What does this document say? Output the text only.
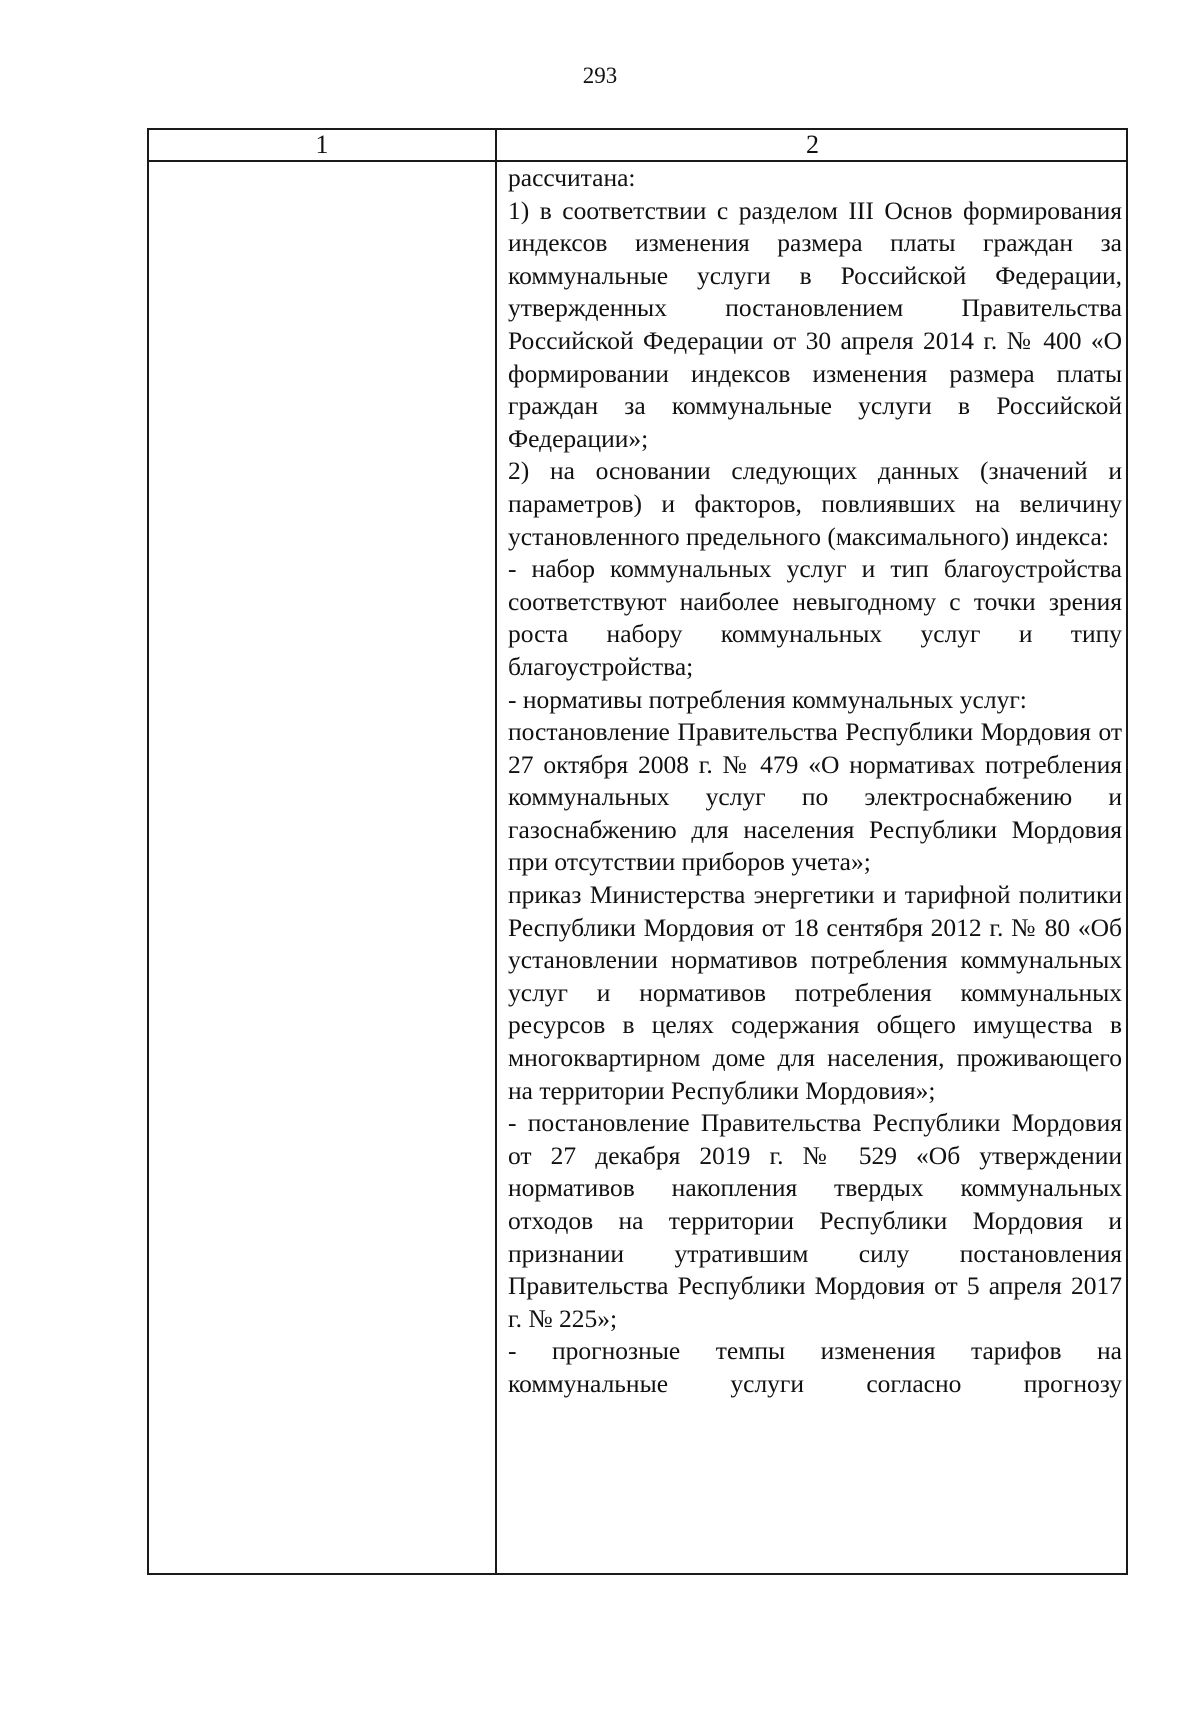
293
1	2

рассчитана:

1) в соответствии с разделом III Основ формирования индексов изменения размера платы граждан за коммунальные услуги в Российской Федерации, утвержденных постановлением Правительства Российской Федерации от 30 апреля 2014 г. № 400 «О формировании индексов изменения размера платы граждан за коммунальные услуги в Российской Федерации»;

2) на основании следующих данных (значений и параметров) и факторов, повлиявших на величину установленного предельного (максимального) индекса:

- набор коммунальных услуг и тип благоустройства соответствуют наиболее невыгодному с точки зрения роста набору коммунальных услуг и типу благоустройства;

- нормативы потребления коммунальных услуг:

постановление Правительства Республики Мордовия от 27 октября 2008 г. № 479 «О нормативах потребления коммунальных услуг по электроснабжению и газоснабжению для населения Республики Мордовия при отсутствии приборов учета»;

приказ Министерства энергетики и тарифной политики Республики Мордовия от 18 сентября 2012 г. № 80 «Об установлении нормативов потребления коммунальных услуг и нормативов потребления коммунальных ресурсов в целях содержания общего имущества в многоквартирном доме для населения, проживающего на территории Республики Мордовия»;

- постановление Правительства Республики Мордовия от 27 декабря 2019 г. № 529 «Об утверждении нормативов накопления твердых коммунальных отходов на территории Республики Мордовия и признании утратившим силу постановления Правительства Республики Мордовия от 5 апреля 2017 г. № 225»;

- прогнозные темпы изменения тарифов на коммунальные услуги согласно прогнозу
